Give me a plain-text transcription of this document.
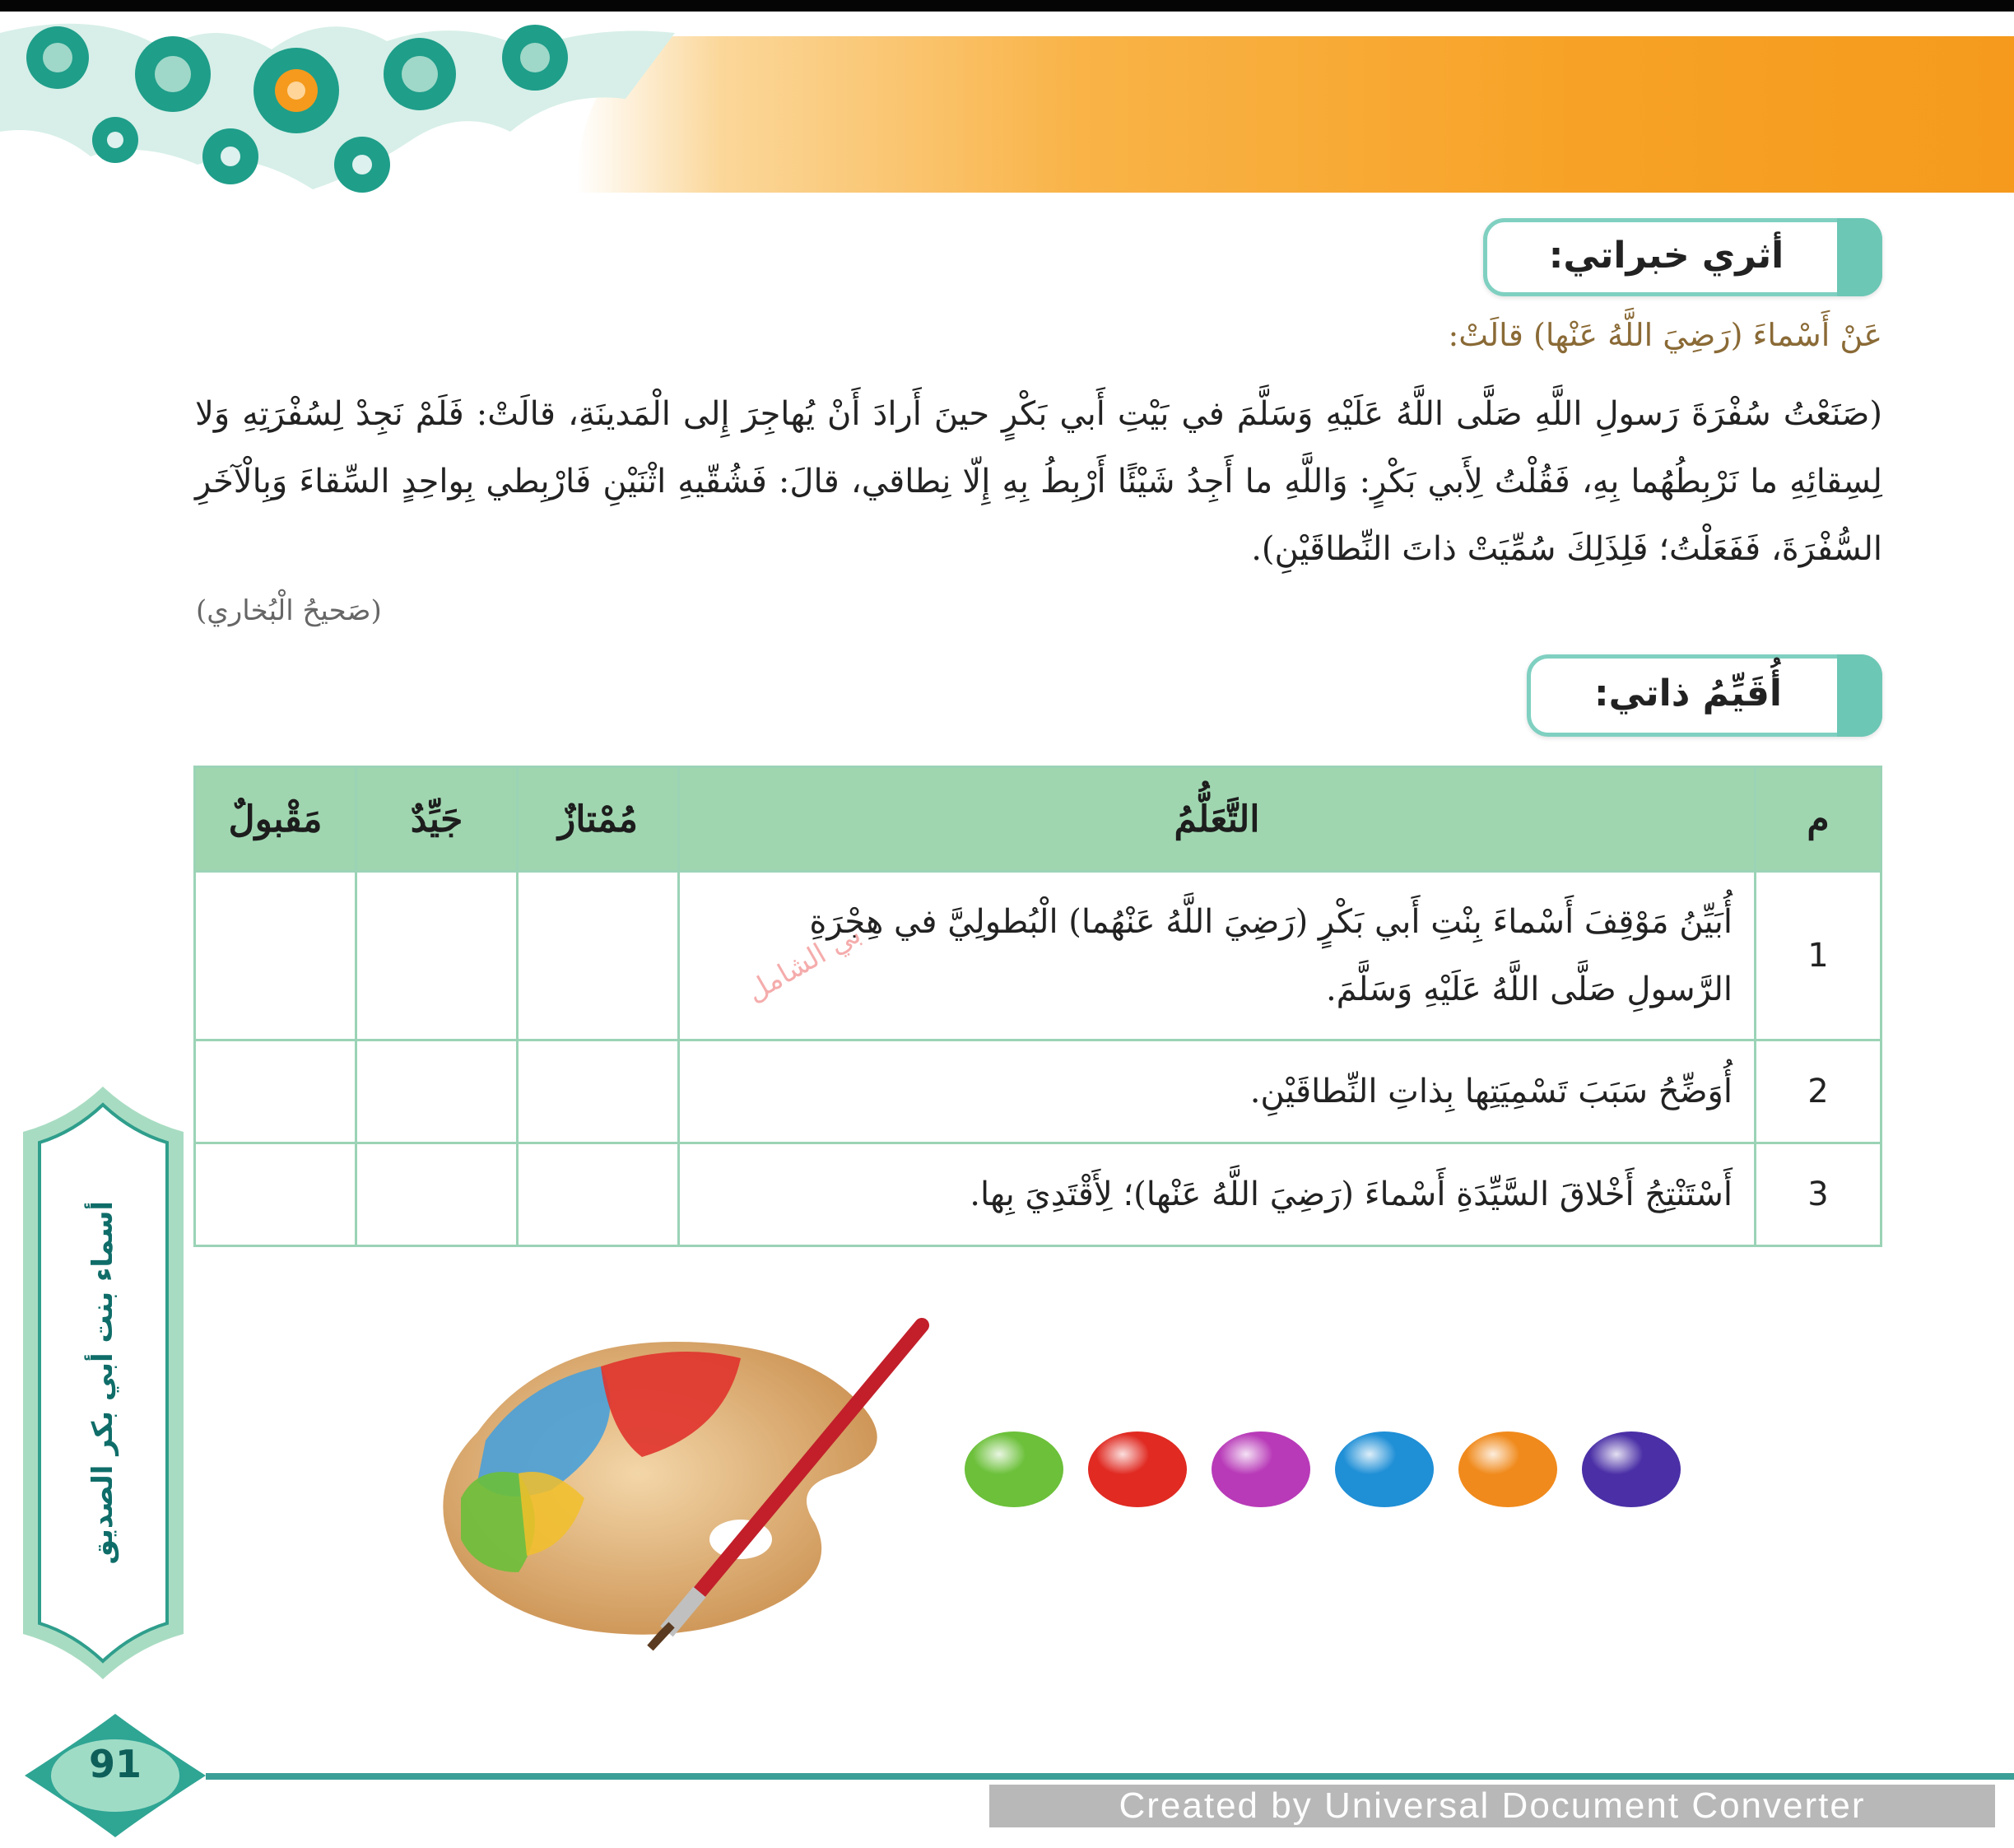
أثري خبراتي:
عَنْ أَسْماءَ (رَضِيَ اللَّهُ عَنْها) قالَتْ:
(صَنَعْتُ سُفْرَةَ رَسولِ اللَّهِ صَلَّى اللَّهُ عَلَيْهِ وَسَلَّمَ في بَيْتِ أَبي بَكْرٍ حينَ أَرادَ أَنْ يُهاجِرَ إِلى الْمَدينَةِ، قالَتْ: فَلَمْ نَجِدْ لِسُفْرَتِهِ وَلا لِسِقائِهِ ما نَرْبِطُهُما بِهِ، فَقُلْتُ لِأَبي بَكْرٍ: وَاللَّهِ ما أَجِدُ شَيْئًا أَرْبِطُ بِهِ إِلّا نِطاقي، قالَ: فَشُقّيهِ اثْنَيْنِ فَارْبِطي بِواحِدٍ السِّقاءَ وَبِالْآخَرِ السُّفْرَةَ، فَفَعَلْتُ؛ فَلِذَلِكَ سُمِّيَتْ ذاتَ النِّطاقَيْنِ).
(صَحيحُ الْبُخاري)
أُقَيِّمُ ذاتي:
م	التَّعَلُّمُ	مُمْتازٌ	جَيِّدٌ	مَقْبولٌ
1	أُبَيِّنُ مَوْقِفَ أَسْماءَ بِنْتِ أَبي بَكْرٍ (رَضِيَ اللَّهُ عَنْهُما) الْبُطولِيَّ في هِجْرَةِ الرَّسولِ صَلَّى اللَّهُ عَلَيْهِ وَسَلَّمَ.			
2	أُوَضِّحُ سَبَبَ تَسْمِيَتِها بِذاتِ النِّطاقَيْنِ.			
3	أَسْتَنْتِجُ أَخْلاقَ السَّيِّدَةِ أَسْماءَ (رَضِيَ اللَّهُ عَنْها)؛ لِأَقْتَدِيَ بِها.			
بي الشامل
أسماء بنت أبي بكر الصديق
91
Created by Universal Document Converter
